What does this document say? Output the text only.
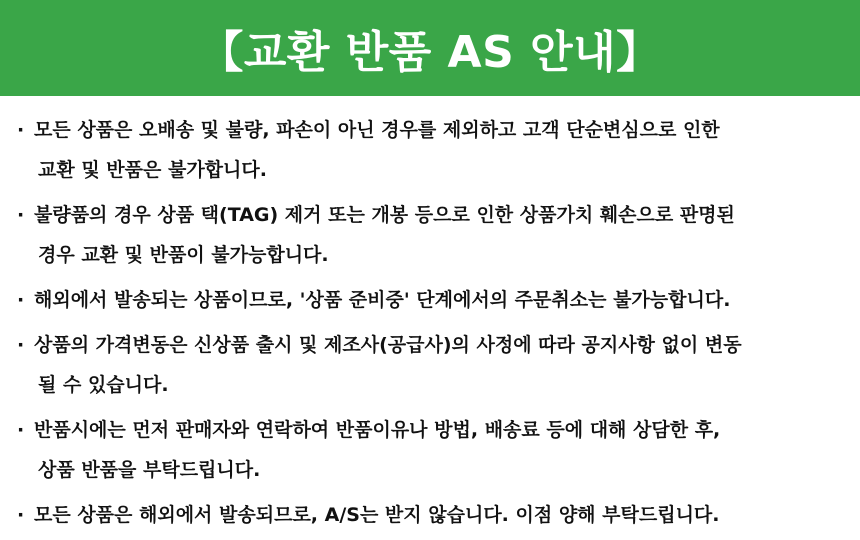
【교환 반품 AS 안내】
· 모든 상품은 오배송 및 불량, 파손이 아닌 경우를 제외하고 고객 단순변심으로 인한
교환 및 반품은 불가합니다.
· 불량품의 경우 상품 택(TAG) 제거 또는 개봉 등으로 인한 상품가치 훼손으로 판명된
경우 교환 및 반품이 불가능합니다.
· 해외에서 발송되는 상품이므로, '상품 준비중' 단계에서의 주문취소는 불가능합니다.
· 상품의 가격변동은 신상품 출시 및 제조사(공급사)의 사정에 따라 공지사항 없이 변동
될 수 있습니다.
· 반품시에는 먼저 판매자와 연락하여 반품이유나 방법, 배송료 등에 대해 상담한 후,
상품 반품을 부탁드립니다.
· 모든 상품은 해외에서 발송되므로, A/S는 받지 않습니다. 이점 양해 부탁드립니다.
